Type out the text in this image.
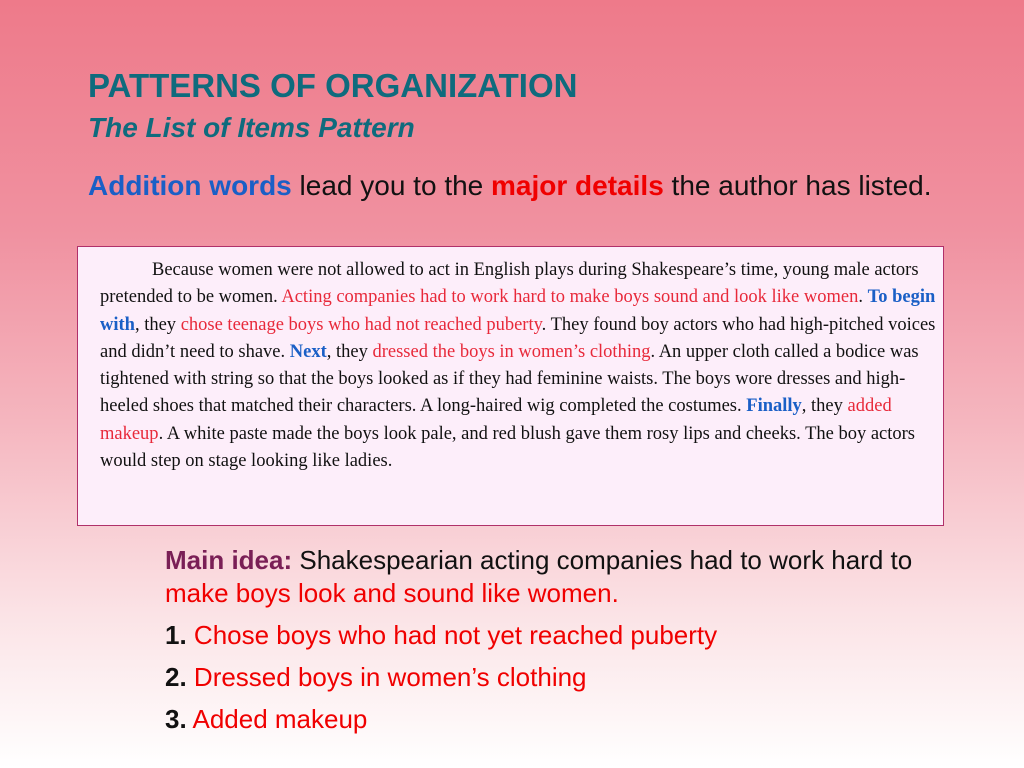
PATTERNS OF ORGANIZATION
The List of Items Pattern
Addition words lead you to the major details the author has listed.

Because women were not allowed to act in English plays during Shakespeare’s time, young male actors pretended to be women. Acting companies had to work hard to make boys sound and look like women. To begin with, they chose teenage boys who had not reached puberty. They found boy actors who had high-pitched voices and didn’t need to shave. Next, they dressed the boys in women’s clothing. An upper cloth called a bodice was tightened with string so that the boys looked as if they had feminine waists. The boys wore dresses and high-heeled shoes that matched their characters. A long-haired wig completed the costumes. Finally, they added makeup. A white paste made the boys look pale, and red blush gave them rosy lips and cheeks. The boy actors would step on stage looking like ladies.

Main idea: Shakespearian acting companies had to work hard to make boys look and sound like women.
1. Chose boys who had not yet reached puberty
2. Dressed boys in women’s clothing
3. Added makeup
